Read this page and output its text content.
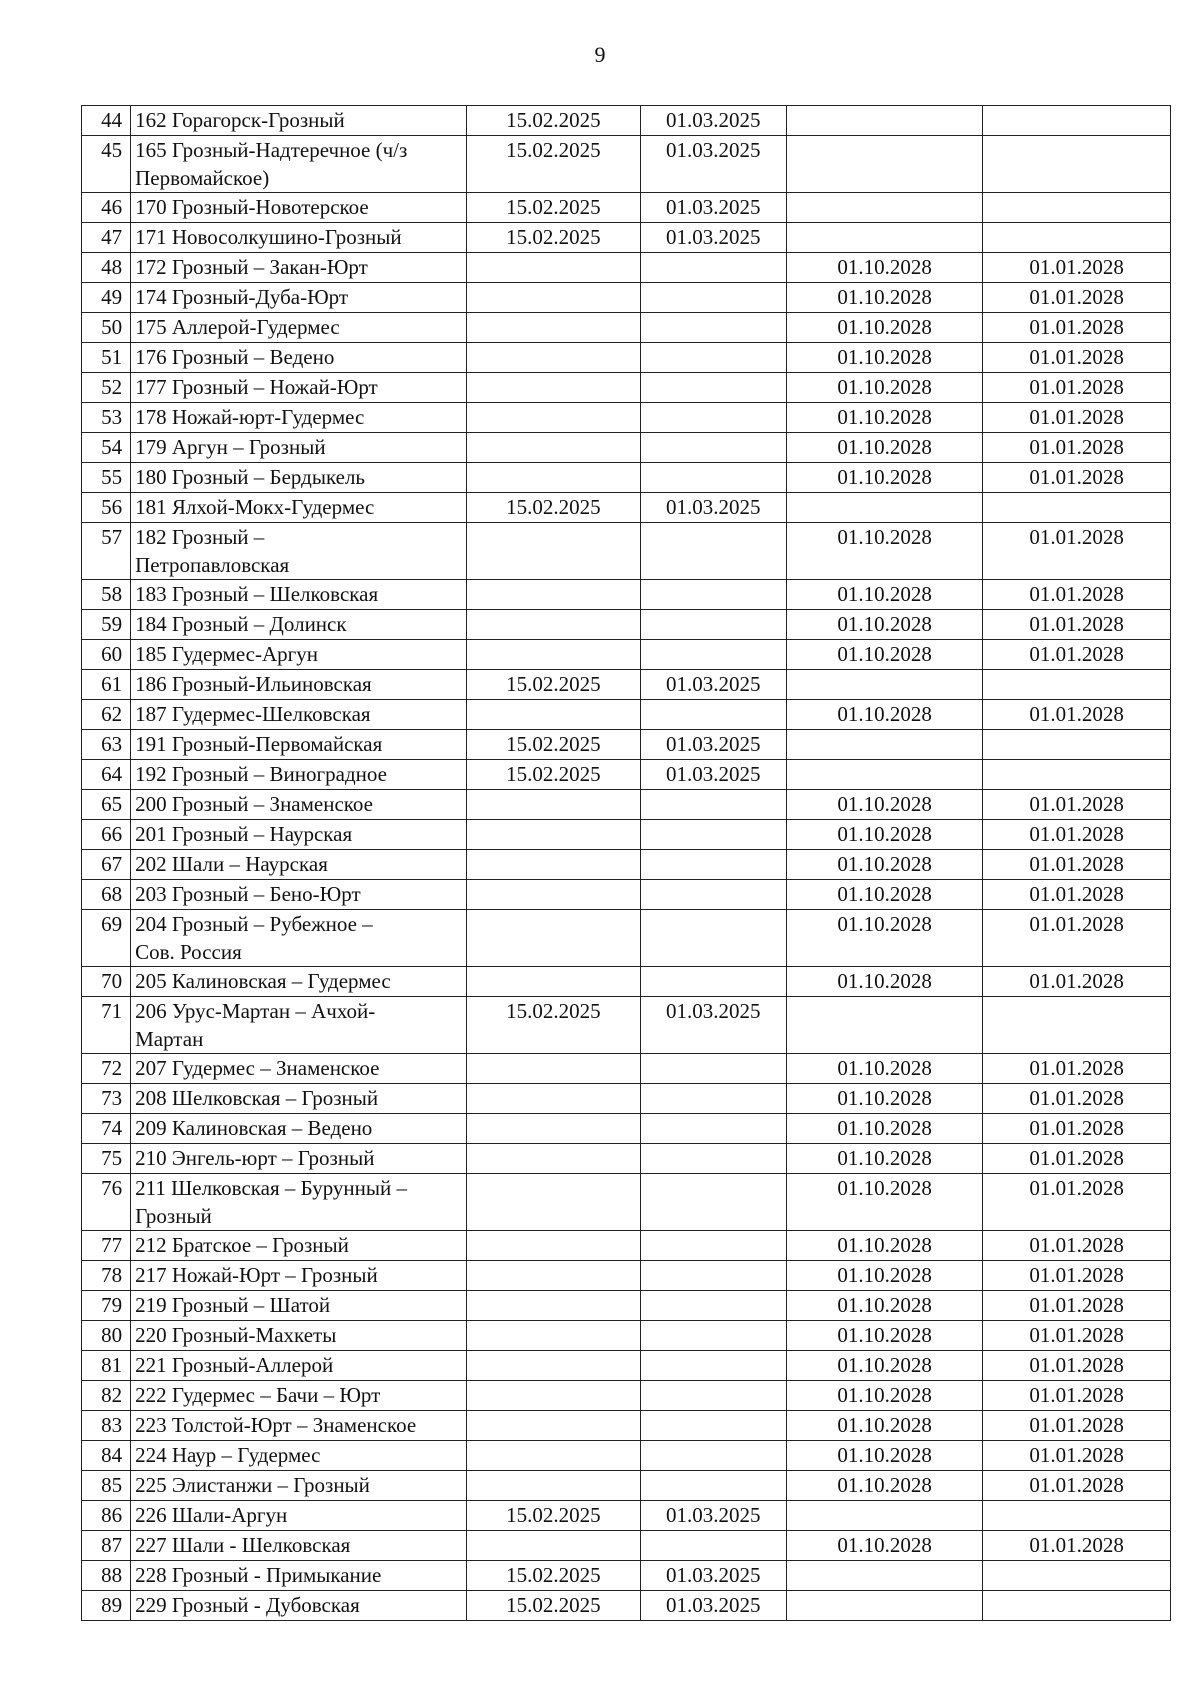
9
44	162 Горагорск-Грозный	15.02.2025	01.03.2025		
45	165 Грозный-Надтеречное (ч/з
Первомайское)	15.02.2025	01.03.2025		
46	170 Грозный-Новотерское	15.02.2025	01.03.2025		
47	171 Новосолкушино-Грозный	15.02.2025	01.03.2025		
48	172 Грозный – Закан-Юрт			01.10.2028	01.01.2028
49	174 Грозный-Дуба-Юрт			01.10.2028	01.01.2028
50	175 Аллерой-Гудермес			01.10.2028	01.01.2028
51	176 Грозный – Ведено			01.10.2028	01.01.2028
52	177 Грозный – Ножай-Юрт			01.10.2028	01.01.2028
53	178 Ножай-юрт-Гудермес			01.10.2028	01.01.2028
54	179 Аргун – Грозный			01.10.2028	01.01.2028
55	180 Грозный – Бердыкель			01.10.2028	01.01.2028
56	181 Ялхой-Мокх-Гудермес	15.02.2025	01.03.2025		
57	182 Грозный –
Петропавловская			01.10.2028	01.01.2028
58	183 Грозный – Шелковская			01.10.2028	01.01.2028
59	184 Грозный – Долинск			01.10.2028	01.01.2028
60	185 Гудермес-Аргун			01.10.2028	01.01.2028
61	186 Грозный-Ильиновская	15.02.2025	01.03.2025		
62	187 Гудермес-Шелковская			01.10.2028	01.01.2028
63	191 Грозный-Первомайская	15.02.2025	01.03.2025		
64	192 Грозный – Виноградное	15.02.2025	01.03.2025		
65	200 Грозный – Знаменское			01.10.2028	01.01.2028
66	201 Грозный – Наурская			01.10.2028	01.01.2028
67	202 Шали – Наурская			01.10.2028	01.01.2028
68	203 Грозный – Бено-Юрт			01.10.2028	01.01.2028
69	204 Грозный – Рубежное –
Сов. Россия			01.10.2028	01.01.2028
70	205 Калиновская – Гудермес			01.10.2028	01.01.2028
71	206 Урус-Мартан – Ачхой-
Мартан	15.02.2025	01.03.2025		
72	207 Гудермес – Знаменское			01.10.2028	01.01.2028
73	208 Шелковская – Грозный			01.10.2028	01.01.2028
74	209 Калиновская – Ведено			01.10.2028	01.01.2028
75	210 Энгель-юрт – Грозный			01.10.2028	01.01.2028
76	211 Шелковская – Бурунный –
Грозный			01.10.2028	01.01.2028
77	212 Братское – Грозный			01.10.2028	01.01.2028
78	217 Ножай-Юрт – Грозный			01.10.2028	01.01.2028
79	219 Грозный – Шатой			01.10.2028	01.01.2028
80	220 Грозный-Махкеты			01.10.2028	01.01.2028
81	221 Грозный-Аллерой			01.10.2028	01.01.2028
82	222 Гудермес – Бачи – Юрт			01.10.2028	01.01.2028
83	223 Толстой-Юрт – Знаменское			01.10.2028	01.01.2028
84	224 Наур – Гудермес			01.10.2028	01.01.2028
85	225 Элистанжи – Грозный			01.10.2028	01.01.2028
86	226 Шали-Аргун	15.02.2025	01.03.2025		
87	227 Шали - Шелковская			01.10.2028	01.01.2028
88	228 Грозный - Примыкание	15.02.2025	01.03.2025		
89	229 Грозный - Дубовская	15.02.2025	01.03.2025		
